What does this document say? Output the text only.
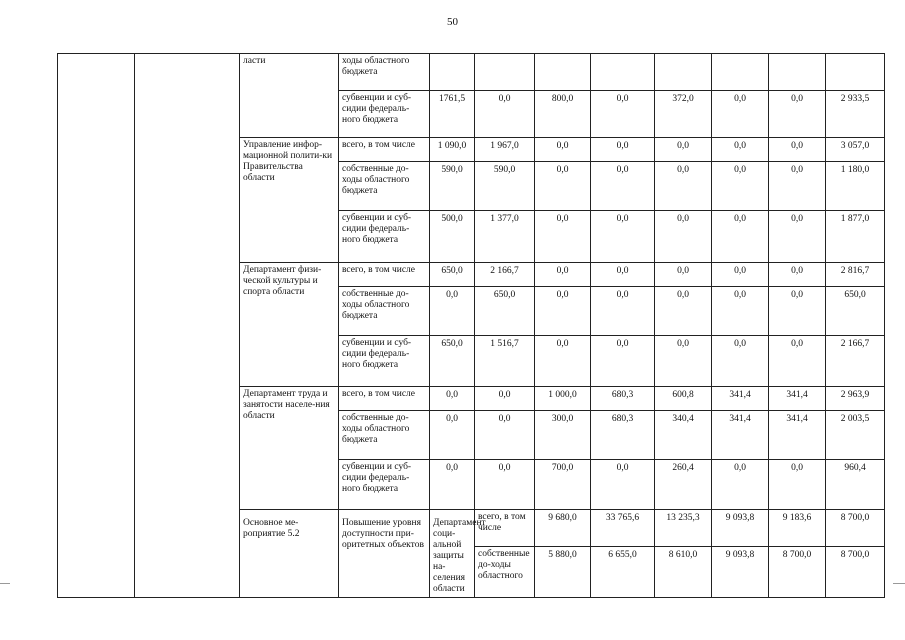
50
		ласти	ходы областного бюджета									
			субвенции и суб-сидии федераль-ного бюджета	1761,5	0,0	800,0	0,0	372,0	0,0	0,0	2 933,5	
		Управление инфор-мационной полити-ки Правительства области	всего, в том числе	1 090,0	1 967,0	0,0	0,0	0,0	0,0	0,0	3 057,0	
			собственные до-ходы областного бюджета	590,0	590,0	0,0	0,0	0,0	0,0	0,0	1 180,0	
			субвенции и суб-сидии федераль-ного бюджета	500,0	1 377,0	0,0	0,0	0,0	0,0	0,0	1 877,0	
		Департамент физи-ческой культуры и спорта области	всего, в том числе	650,0	2 166,7	0,0	0,0	0,0	0,0	0,0	2 816,7	
			собственные до-ходы областного бюджета	0,0	650,0	0,0	0,0	0,0	0,0	0,0	650,0	
			субвенции и суб-сидии федераль-ного бюджета	650,0	1 516,7	0,0	0,0	0,0	0,0	0,0	2 166,7	
		Департамент труда и занятости населе-ния области	всего, в том числе	0,0	0,0	1 000,0	680,3	600,8	341,4	341,4	2 963,9	
			собственные до-ходы областного бюджета	0,0	0,0	300,0	680,3	340,4	341,4	341,4	2 003,5	
			субвенции и суб-сидии федераль-ного бюджета	0,0	0,0	700,0	0,0	260,4	0,0	0,0	960,4	
		Основное ме-роприятие 5.2	Повышение уровня доступности при-оритетных объектов	Департамент соци-альной защиты на-селения области	всего, в том числе	9 680,0	33 765,6	13 235,3	9 093,8	9 183,6	8 700,0		
					собственные до-ходы областного	5 880,0	6 655,0	8 610,0	9 093,8	8 700,0	8 700,0		
